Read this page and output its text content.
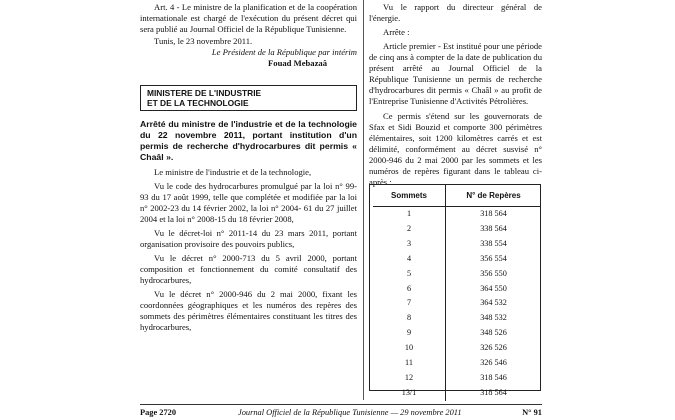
Art. 4 - Le ministre de la planification et de la coopération internationale est chargé de l'exécution du présent décret qui sera publié au Journal Officiel de la République Tunisienne.

Tunis, le 23 novembre 2011.

Le Président de la République par intérim

Fouad Mebazaâ

MINISTERE DE L'INDUSTRIE
ET DE LA TECHNOLOGIE

Arrêté du ministre de l'industrie et de la technologie du 22 novembre 2011, portant institution d'un permis de recherche d'hydrocarbures dit permis « Chaâl ».

Le ministre de l'industrie et de la technologie,

Vu le code des hydrocarbures promulgué par la loi n° 99-93 du 17 août 1999, telle que complétée et modifiée par la loi n° 2002-23 du 14 février 2002, la loi n° 2004- 61 du 27 juillet 2004 et la loi n° 2008-15 du 18 février 2008,

Vu le décret-loi n° 2011-14 du 23 mars 2011, portant organisation provisoire des pouvoirs publics,

Vu le décret n° 2000-713 du 5 avril 2000, portant composition et fonctionnement du comité consultatif des hydrocarbures,

Vu le décret n° 2000-946 du 2 mai 2000, fixant les coordonnées géographiques et les numéros des repères des sommets des périmètres élémentaires constituant les titres des hydrocarbures,

Vu le rapport du directeur général de l'énergie.

Arrête :

Article premier - Est institué pour une période de cinq ans à compter de la date de publication du présent arrêté au Journal Officiel de la République Tunisienne un permis de recherche d'hydrocarbures dit permis « Chaâl » au profit de l'Entreprise Tunisienne d'Activités Pétrolières.

Ce permis s'étend sur les gouvernorats de Sfax et Sidi Bouzid et comporte 300 périmètres élémentaires, soit 1200 kilomètres carrés et est délimité, conformément au décret susvisé n° 2000-946 du 2 mai 2000 par les sommets et les numéros de repères figurant dans le tableau ci-après :

Sommets	N° de Repères
1	318 564
2	338 564
3	338 554
4	356 554
5	356 550
6	364 550
7	364 532
8	348 532
9	348 526
10	326 526
11	326 546
12	318 546
13/1	318 564
Page 2720	Journal Officiel de la République Tunisienne — 29 novembre 2011	N° 91
